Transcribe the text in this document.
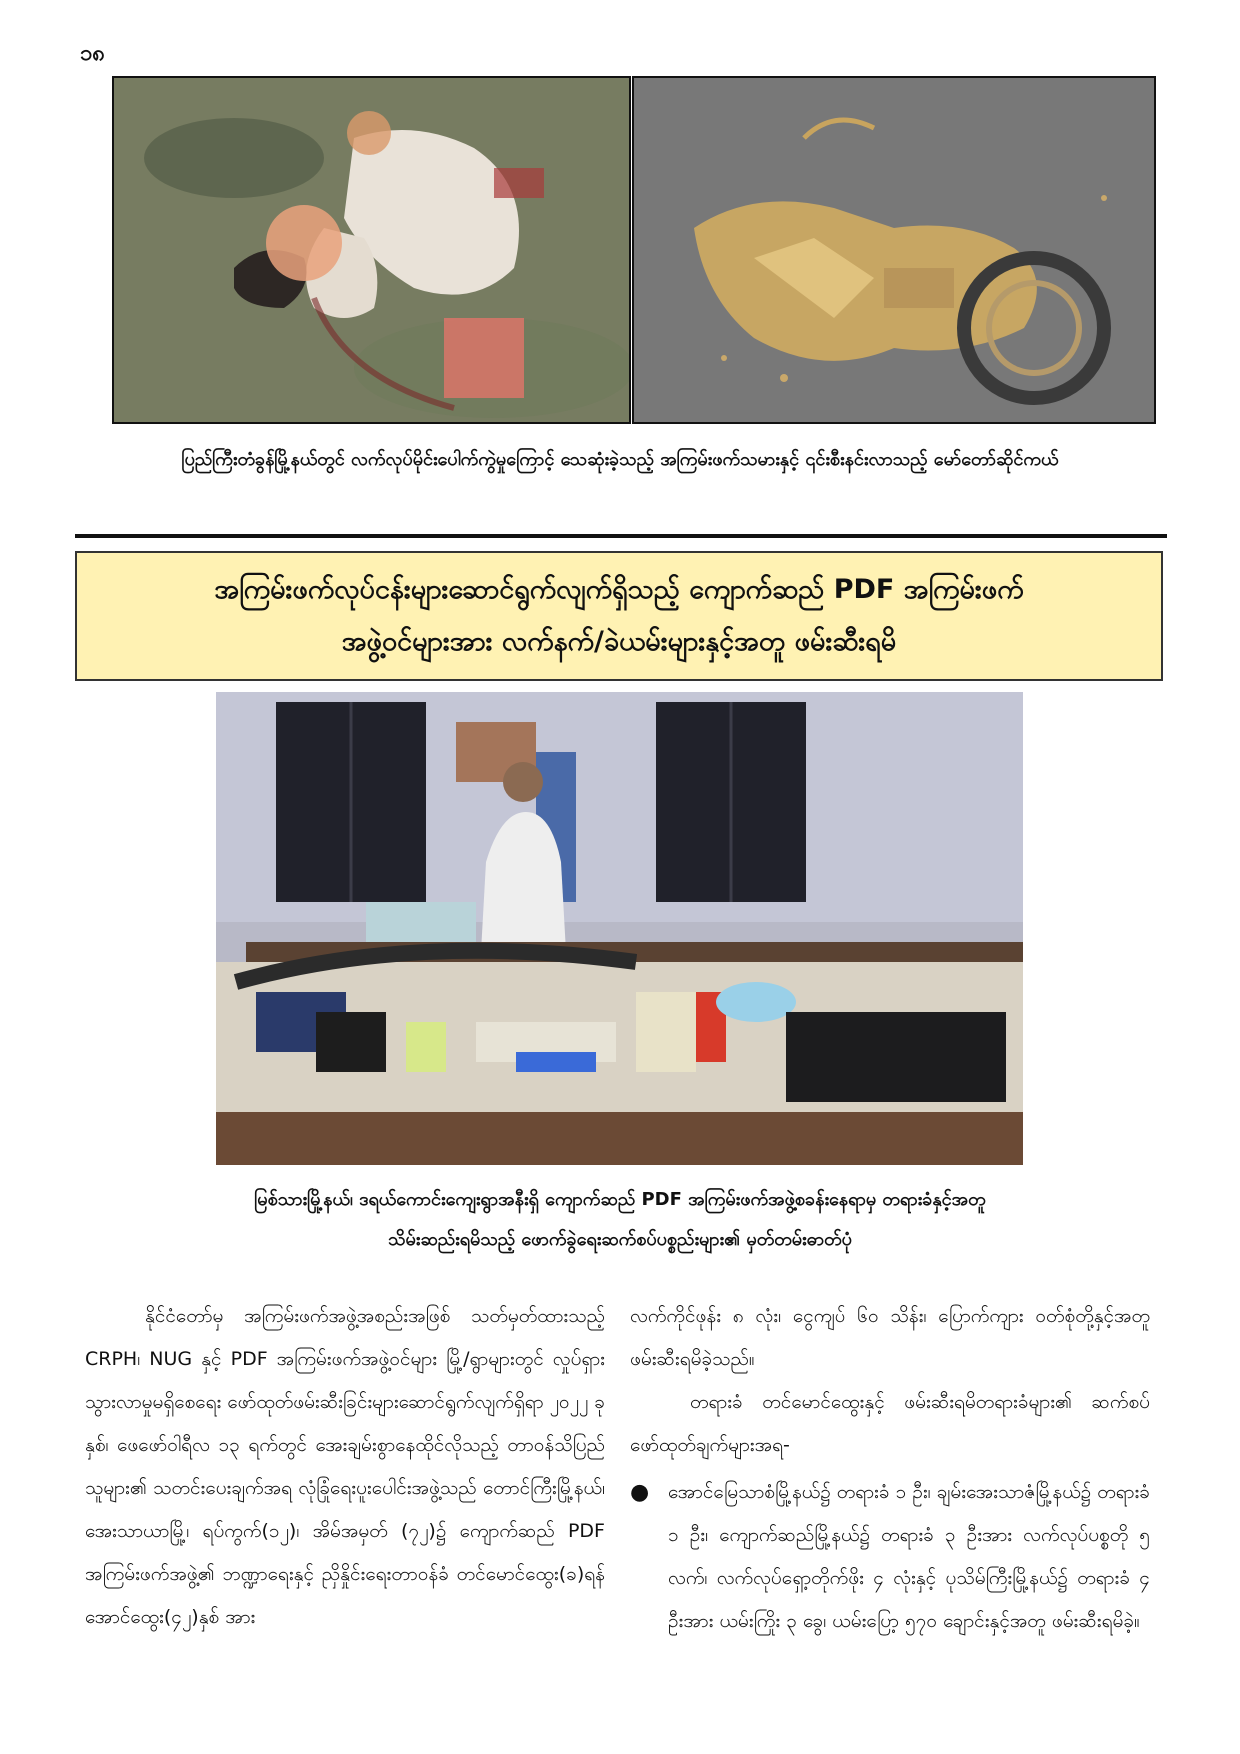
၁၈
ပြည်ကြီးတံခွန်မြို့နယ်တွင် လက်လုပ်မိုင်းပေါက်ကွဲမှုကြောင့် သေဆုံးခဲ့သည့် အကြမ်းဖက်သမားနှင့် ၎င်းစီးနင်းလာသည့် မော်တော်ဆိုင်ကယ်
အကြမ်းဖက်လုပ်ငန်းများဆောင်ရွက်လျက်ရှိသည့် ကျောက်ဆည် PDF အကြမ်းဖက်
အဖွဲ့ဝင်များအား လက်နက်/ခဲယမ်းများနှင့်အတူ ဖမ်းဆီးရမိ
မြစ်သားမြို့နယ်၊ ဒရယ်ကောင်းကျေးရွာအနီးရှိ ကျောက်ဆည် PDF အကြမ်းဖက်အဖွဲ့စခန်းနေရာမှ တရားခံနှင့်အတူ
သိမ်းဆည်းရမိသည့် ဖောက်ခွဲရေးဆက်စပ်ပစ္စည်းများ၏ မှတ်တမ်းဓာတ်ပုံ

နိုင်ငံတော်မှ အကြမ်းဖက်အဖွဲ့အစည်းအဖြစ် သတ်မှတ်ထားသည့် CRPH၊ NUG နှင့် PDF အကြမ်းဖက်အဖွဲ့ဝင်များ မြို့/ရွာများတွင် လှုပ်ရှားသွားလာမှုမရှိစေရေး ဖော်ထုတ်ဖမ်းဆီးခြင်းများဆောင်ရွက်လျက်ရှိရာ ၂၀၂၂ ခုနှစ်၊ ဖေဖော်ဝါရီလ ၁၃ ရက်တွင် အေးချမ်းစွာနေထိုင်လိုသည့် တာဝန်သိပြည်သူများ၏ သတင်းပေးချက်အရ လုံခြုံရေးပူးပေါင်းအဖွဲ့သည် တောင်ကြီးမြို့နယ်၊ အေးသာယာမြို့၊ ရပ်ကွက်(၁၂)၊ အိမ်အမှတ် (၇၂)၌ ကျောက်ဆည် PDF အကြမ်းဖက်အဖွဲ့၏ ဘဏ္ဍာရေးနှင့် ညှိနှိုင်းရေးတာဝန်ခံ တင်မောင်ထွေး(ခ)ရန်အောင်ထွေး(၄၂)နှစ် အား

လက်ကိုင်ဖုန်း ၈ လုံး၊ ငွေကျပ် ၆၀ သိန်း၊ ပြောက်ကျား ဝတ်စုံတို့နှင့်အတူ ဖမ်းဆီးရမိခဲ့သည်။

တရားခံ တင်မောင်ထွေးနှင့် ဖမ်းဆီးရမိတရားခံများ၏ ဆက်စပ်ဖော်ထုတ်ချက်များအရ-

● အောင်မြေသာစံမြို့နယ်၌ တရားခံ ၁ ဦး၊ ချမ်းအေးသာဇံမြို့နယ်၌ တရားခံ ၁ ဦး၊ ကျောက်ဆည်မြို့နယ်၌ တရားခံ ၃ ဦးအား လက်လုပ်ပစ္စတို ၅ လက်၊ လက်လုပ်ရှော့တိုက်ဖိုး ၄ လုံးနှင့် ပုသိမ်ကြီးမြို့နယ်၌ တရားခံ ၄ ဦးအား ယမ်းကြိုး ၃ ခွေ၊ ယမ်းပြော့ ၅၇၀ ချောင်းနှင့်အတူ ဖမ်းဆီးရမိခဲ့။
